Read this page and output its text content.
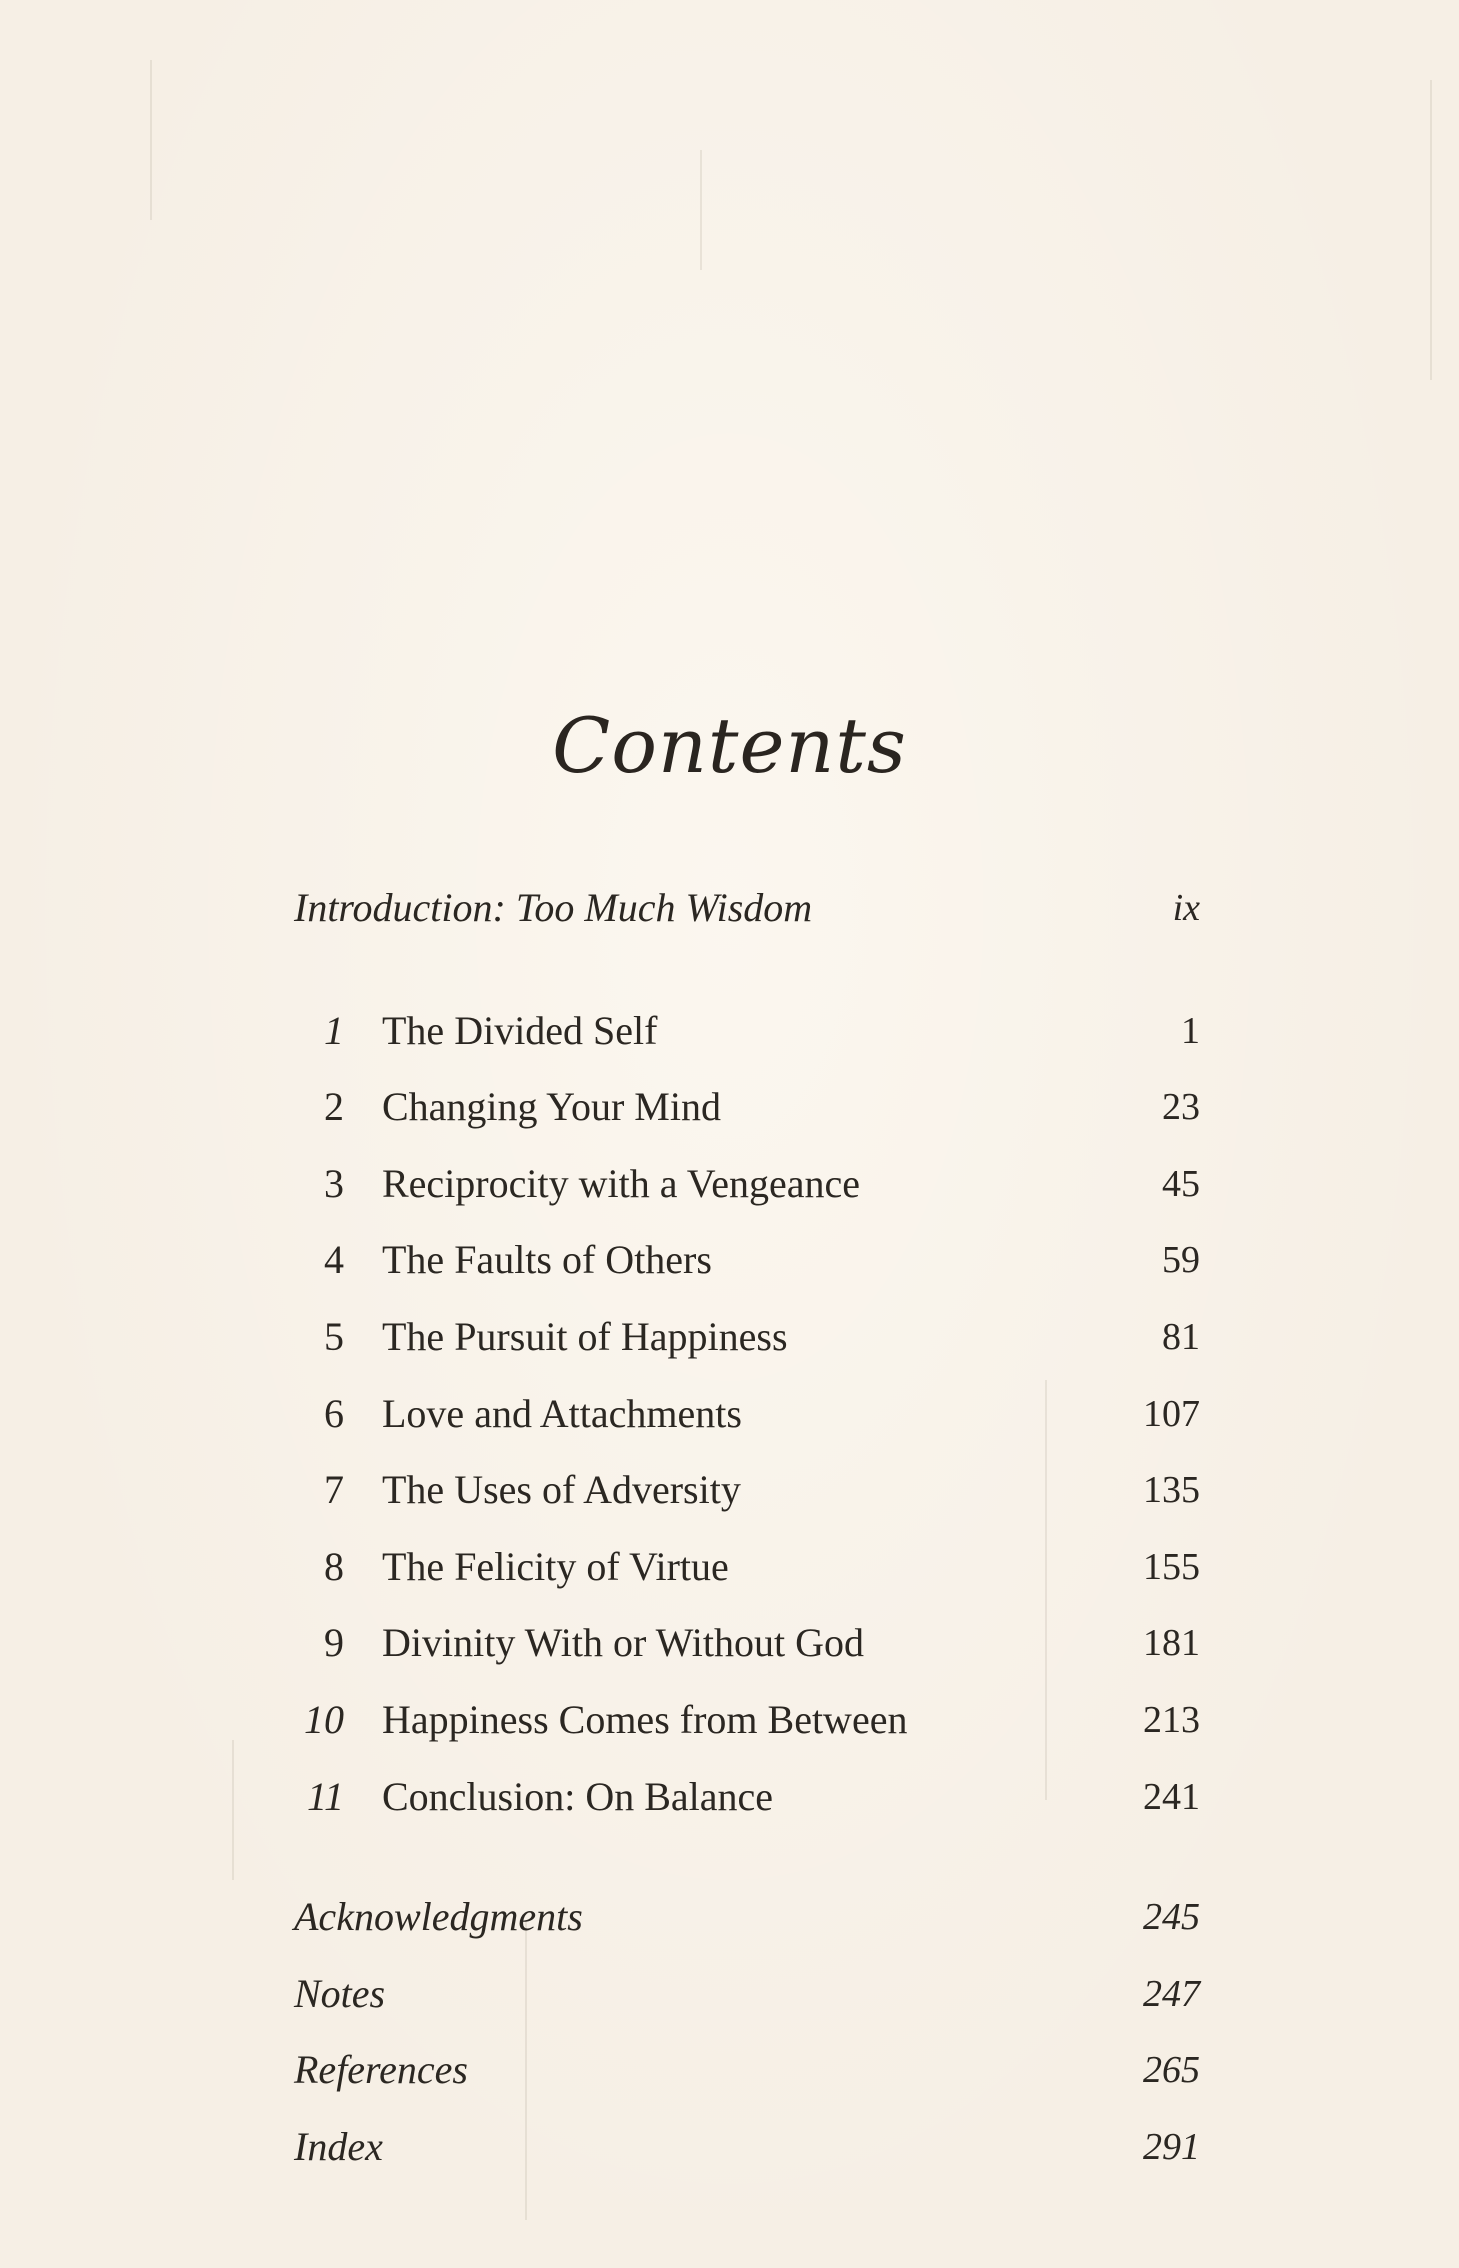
Contents
Introduction: Too Much Wisdom	ix
1 The Divided Self	1
2 Changing Your Mind	23
3 Reciprocity with a Vengeance	45
4 The Faults of Others	59
5 The Pursuit of Happiness	81
6 Love and Attachments	107
7 The Uses of Adversity	135
8 The Felicity of Virtue	155
9 Divinity With or Without God	181
10 Happiness Comes from Between	213
11 Conclusion: On Balance	241
Acknowledgments	245
Notes	247
References	265
Index	291
